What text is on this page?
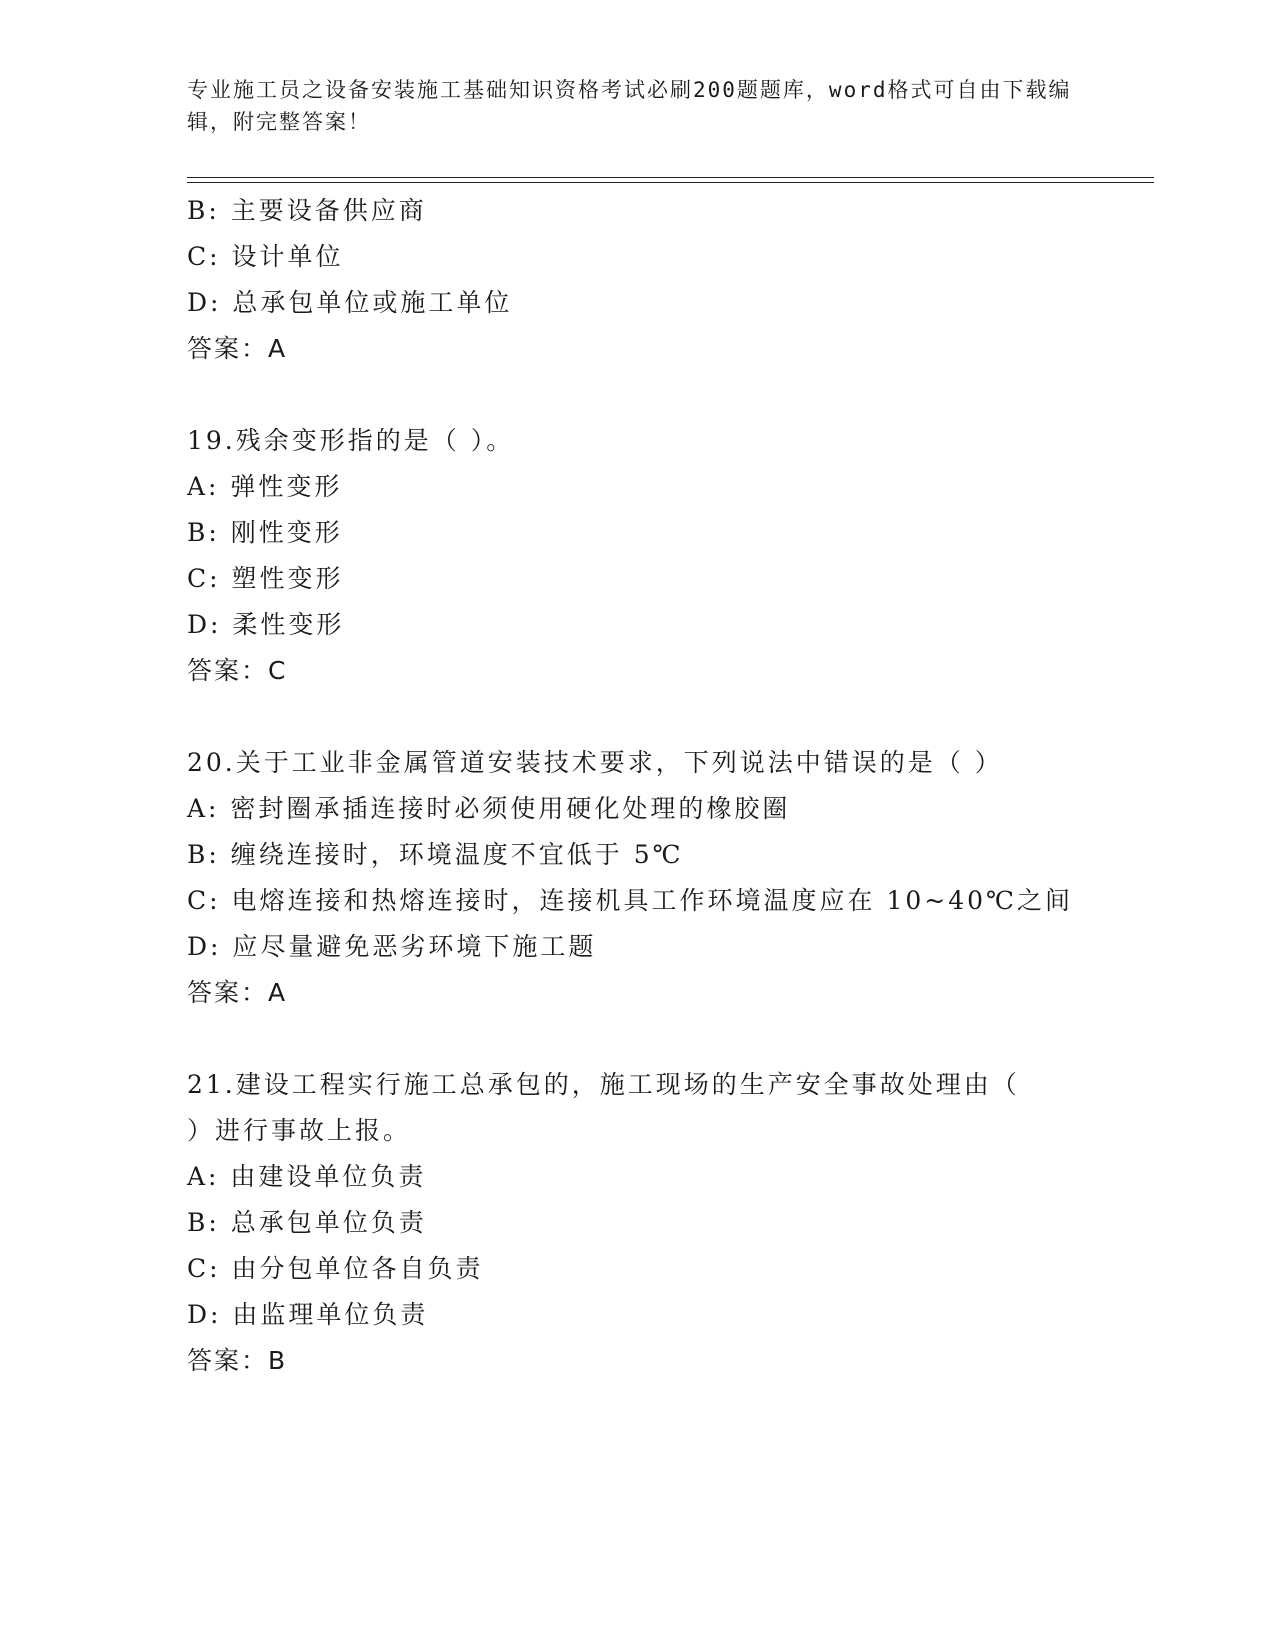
专业施工员之设备安装施工基础知识资格考试必刷200题题库，word格式可自由下载编辑，附完整答案！
B: 主要设备供应商
C: 设计单位
D: 总承包单位或施工单位
答案：A
19.残余变形指的是（ ）。
A: 弹性变形
B: 刚性变形
C: 塑性变形
D: 柔性变形
答案：C
20.关于工业非金属管道安装技术要求，下列说法中错误的是（ ）
A: 密封圈承插连接时必须使用硬化处理的橡胶圈
B: 缠绕连接时，环境温度不宜低于 5℃
C: 电熔连接和热熔连接时，连接机具工作环境温度应在 10~40℃之间
D: 应尽量避免恶劣环境下施工题
答案：A
21.建设工程实行施工总承包的，施工现场的生产安全事故处理由（
）进行事故上报。
A: 由建设单位负责
B: 总承包单位负责
C: 由分包单位各自负责
D: 由监理单位负责
答案：B
